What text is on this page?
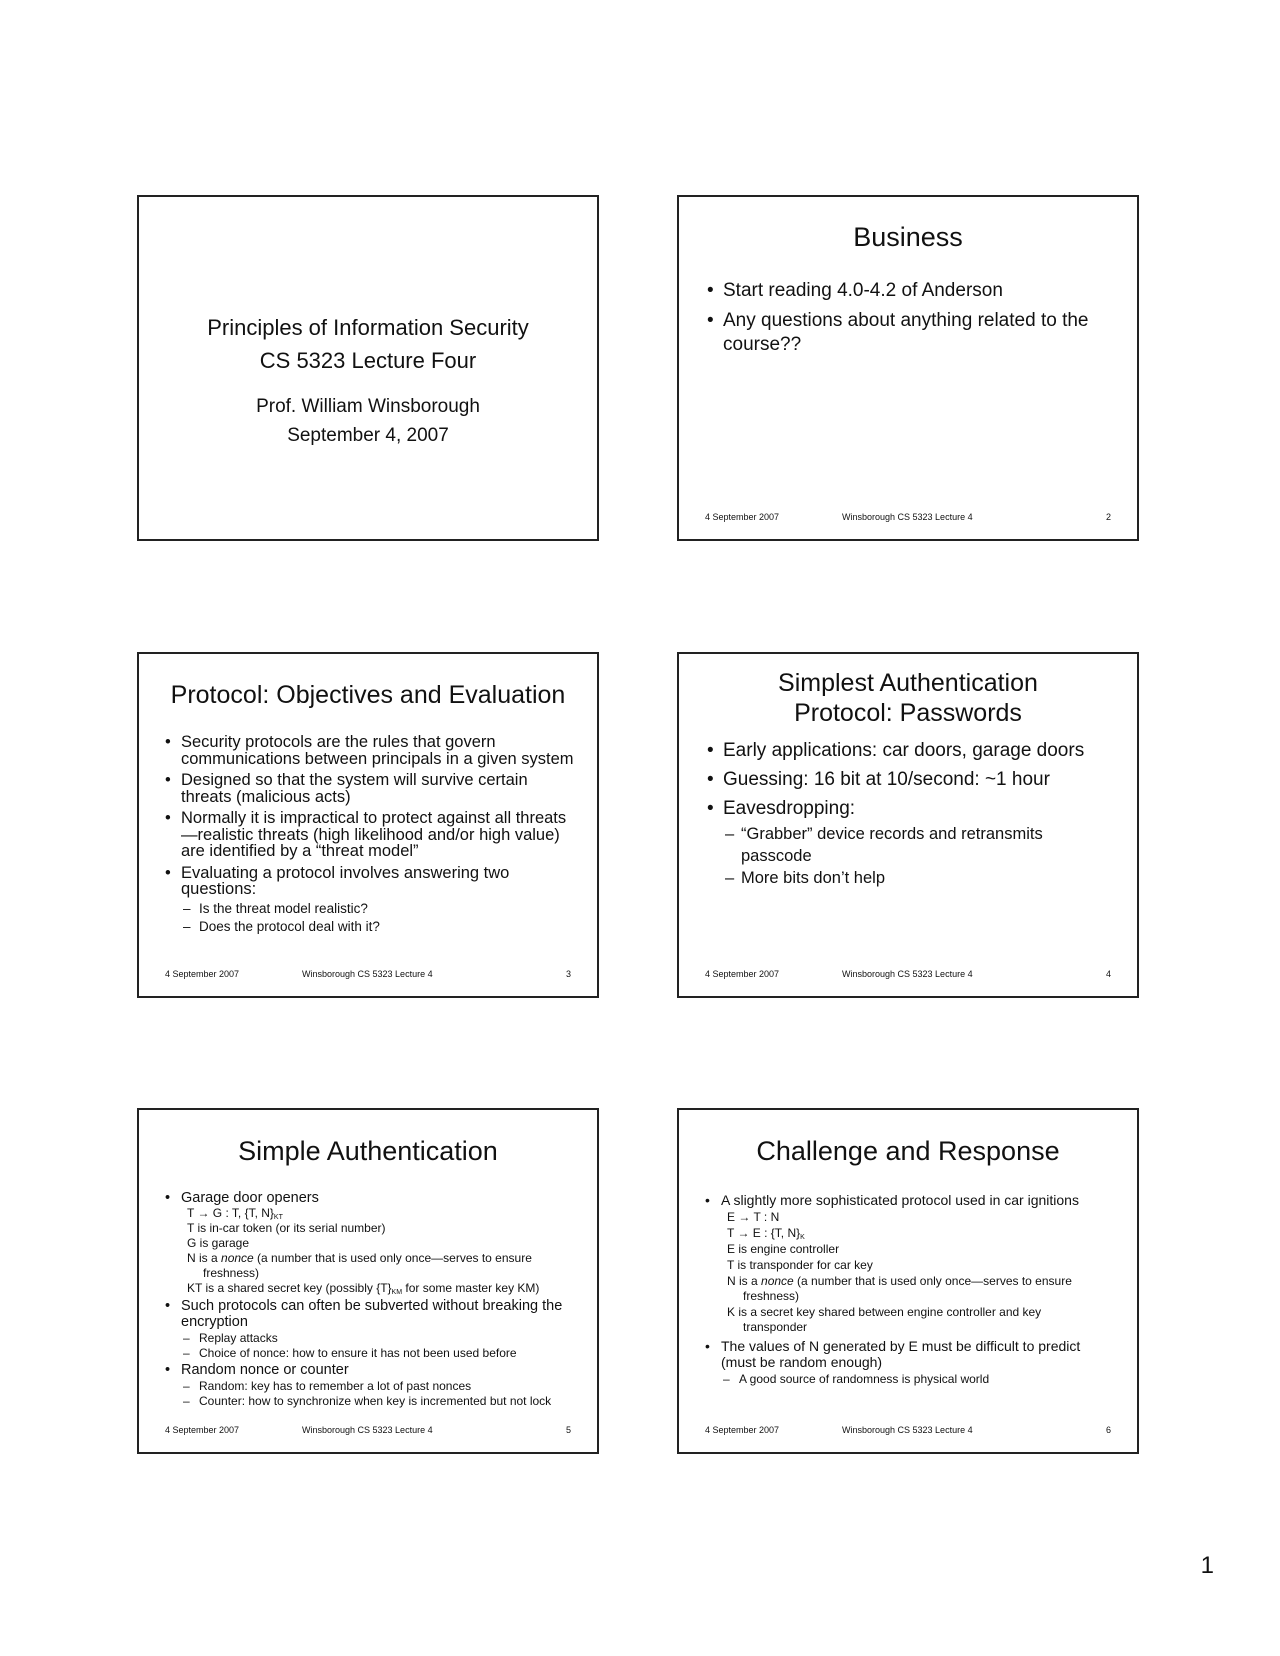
Principles of Information Security
CS 5323 Lecture Four
Prof. William Winsborough
September 4, 2007
Business
• Start reading 4.0-4.2 of Anderson
• Any questions about anything related to the course??
4 September 2007	Winsborough CS 5323 Lecture 4	2
Protocol: Objectives and Evaluation
• Security protocols are the rules that govern communications between principals in a given system
• Designed so that the system will survive certain threats (malicious acts)
• Normally it is impractical to protect against all threats—realistic threats (high likelihood and/or high value) are identified by a “threat model”
• Evaluating a protocol involves answering two questions:
– Is the threat model realistic?
– Does the protocol deal with it?
4 September 2007	Winsborough CS 5323 Lecture 4	3
Simplest Authentication
Protocol: Passwords
• Early applications: car doors, garage doors
• Guessing: 16 bit at 10/second: ~1 hour
• Eavesdropping:
– “Grabber” device records and retransmits passcode
– More bits don’t help
4 September 2007	Winsborough CS 5323 Lecture 4	4
Simple Authentication
• Garage door openers
T → G : T, {T, $N\}_{KT}$
T is in-car token (or its serial number)
G is garage
N is a nonce (a number that is used only once—serves to ensure
freshness)
KT is a shared secret key (possibly $\{T\}_{KM}$ for some master key KM)
• Such protocols can often be subverted without breaking the encryption
– Replay attacks
– Choice of nonce: how to ensure it has not been used before
• Random nonce or counter
– Random: key has to remember a lot of past nonces
– Counter: how to synchronize when key is incremented but not lock
4 September 2007	Winsborough CS 5323 Lecture 4	5
Challenge and Response
• A slightly more sophisticated protocol used in car ignitions
E → T : N
T → E : {T, $N\}_K$
E is engine controller
T is transponder for car key
N is a nonce (a number that is used only once—serves to ensure
freshness)
K is a secret key shared between engine controller and key
transponder
• The values of N generated by E must be difficult to predict (must be random enough)
– A good source of randomness is physical world
4 September 2007	Winsborough CS 5323 Lecture 4	6
1
